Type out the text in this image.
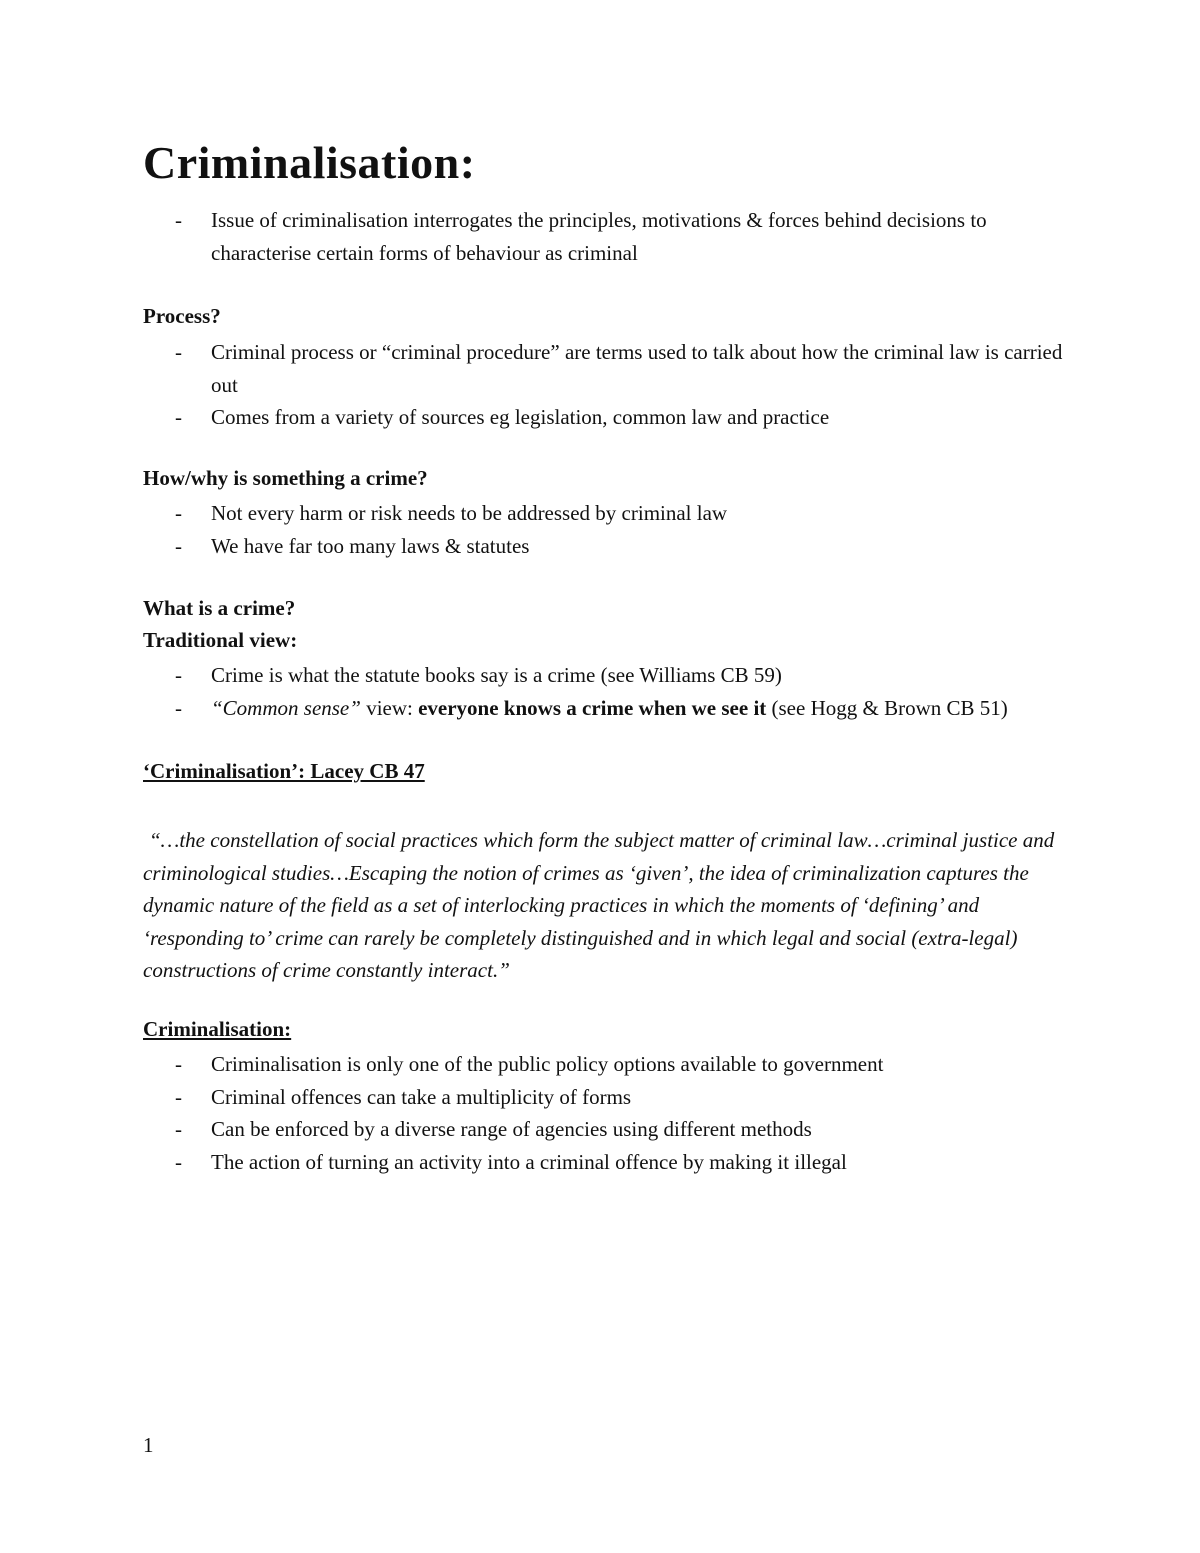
Criminalisation:
- Issue of criminalisation interrogates the principles, motivations & forces behind decisions to characterise certain forms of behaviour as criminal
Process?
- Criminal process or “criminal procedure” are terms used to talk about how the criminal law is carried out
- Comes from a variety of sources eg legislation, common law and practice
How/why is something a crime?
- Not every harm or risk needs to be addressed by criminal law
- We have far too many laws & statutes
What is a crime?
Traditional view:
- Crime is what the statute books say is a crime (see Williams CB 59)
- “Common sense” view: everyone knows a crime when we see it (see Hogg & Brown CB 51)
‘Criminalisation’: Lacey CB 47
“…the constellation of social practices which form the subject matter of criminal law…criminal justice and criminological studies…Escaping the notion of crimes as ‘given’, the idea of criminalization captures the dynamic nature of the field as a set of interlocking practices in which the moments of ‘defining’ and ‘responding to’ crime can rarely be completely distinguished and in which legal and social (extra-legal) constructions of crime constantly interact.”
Criminalisation:
- Criminalisation is only one of the public policy options available to government
- Criminal offences can take a multiplicity of forms
- Can be enforced by a diverse range of agencies using different methods
- The action of turning an activity into a criminal offence by making it illegal
1
